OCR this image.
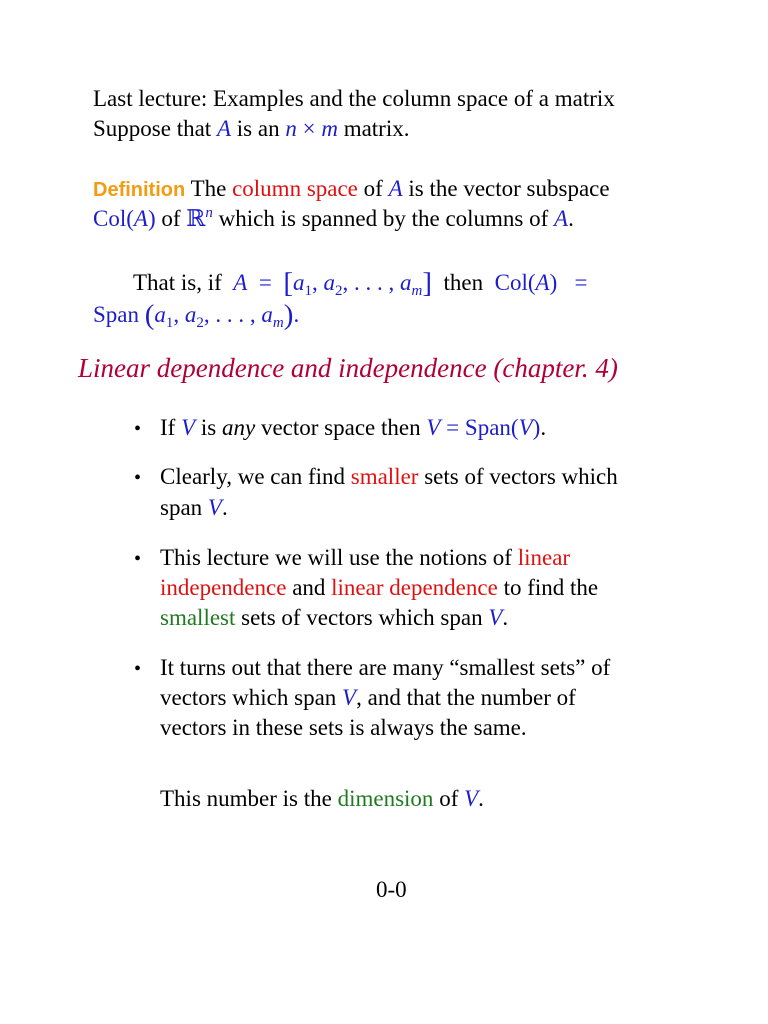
Last lecture: Examples and the column space of a matrix
Suppose that A is an n × m matrix.
Definition The column space of A is the vector subspace
Col(A) of ℝ$^n$ which is spanned by the columns of A.
That is, if $A = [a_1$, $a_2$, . . . , $a_m$] then Col(A) =
Span ($a_1$, $a_2$, . . . , $a_m$).
Linear dependence and independence (chapter. 4)
• If V is any vector space then V = Span(V).
• Clearly, we can find smaller sets of vectors which
span V.
• This lecture we will use the notions of linear
independence and linear dependence to find the
smallest sets of vectors which span V.
• It turns out that there are many “smallest sets” of
vectors which span V, and that the number of
vectors in these sets is always the same.
This number is the dimension of V.
0-0
